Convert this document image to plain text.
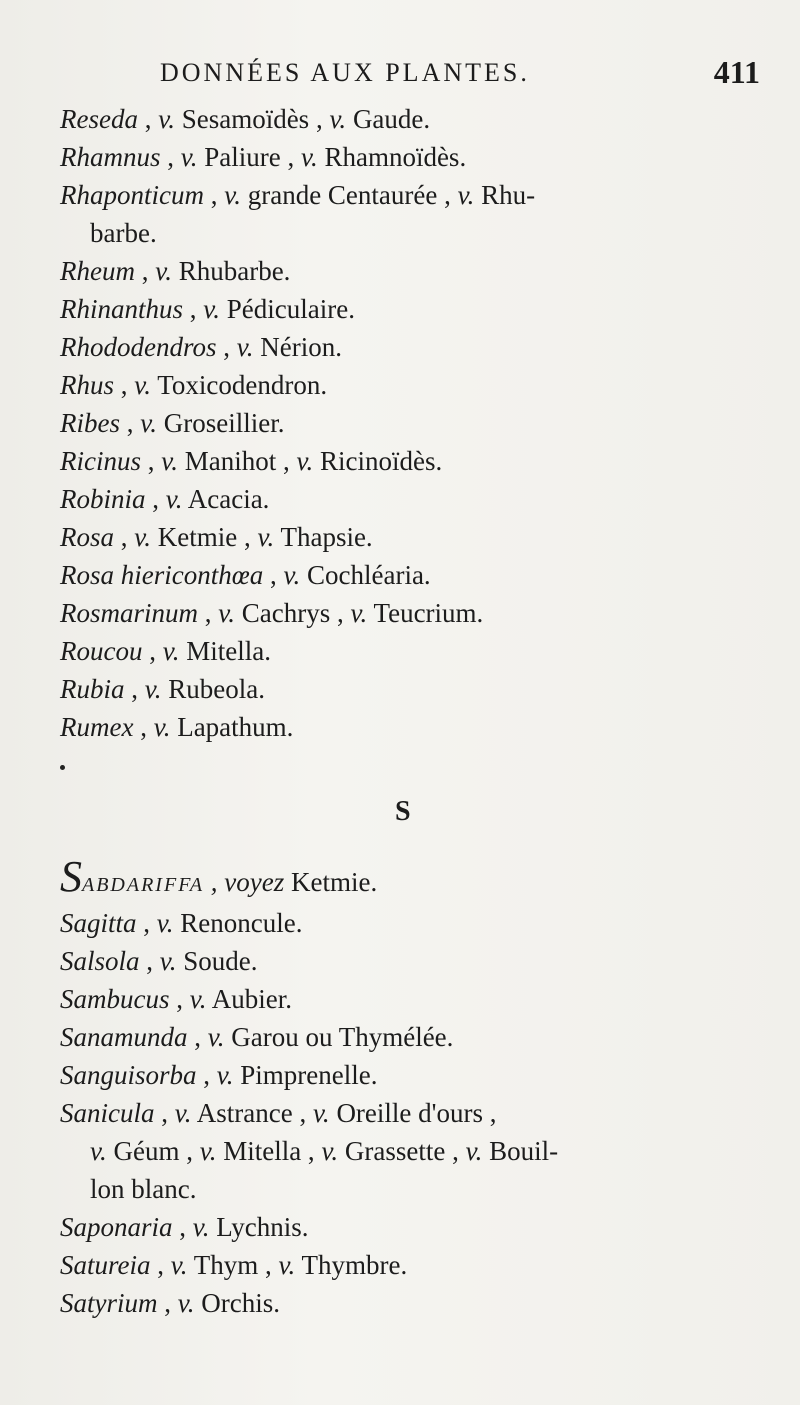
DONNÉES AUX PLANTES.	411
Reseda , v. Sesamoïdès , v. Gaude.
Rhamnus , v. Paliure , v. Rhamnoïdès.
Rhaponticum , v. grande Centaurée , v. Rhu-
barbe.
Rheum , v. Rhubarbe.
Rhinanthus , v. Pédiculaire.
Rhododendros , v. Nérion.
Rhus , v. Toxicodendron.
Ribes , v. Groseillier.
Ricinus , v. Manihot , v. Ricinoïdès.
Robinia , v. Acacia.
Rosa , v. Ketmie , v. Thapsie.
Rosa hiericonthœa , v. Cochléaria.
Rosmarinum , v. Cachrys , v. Teucrium.
Roucou , v. Mitella.
Rubia , v. Rubeola.
Rumex , v. Lapathum.
S
SABDARIFFA , voyez Ketmie.
Sagitta , v. Renoncule.
Salsola , v. Soude.
Sambucus , v. Aubier.
Sanamunda , v. Garou ou Thymélée.
Sanguisorba , v. Pimprenelle.
Sanicula , v. Astrance , v. Oreille d'ours ,
v. Géum , v. Mitella , v. Grassette , v. Bouil-
lon blanc.
Saponaria , v. Lychnis.
Satureia , v. Thym , v. Thymbre.
Satyrium , v. Orchis.
